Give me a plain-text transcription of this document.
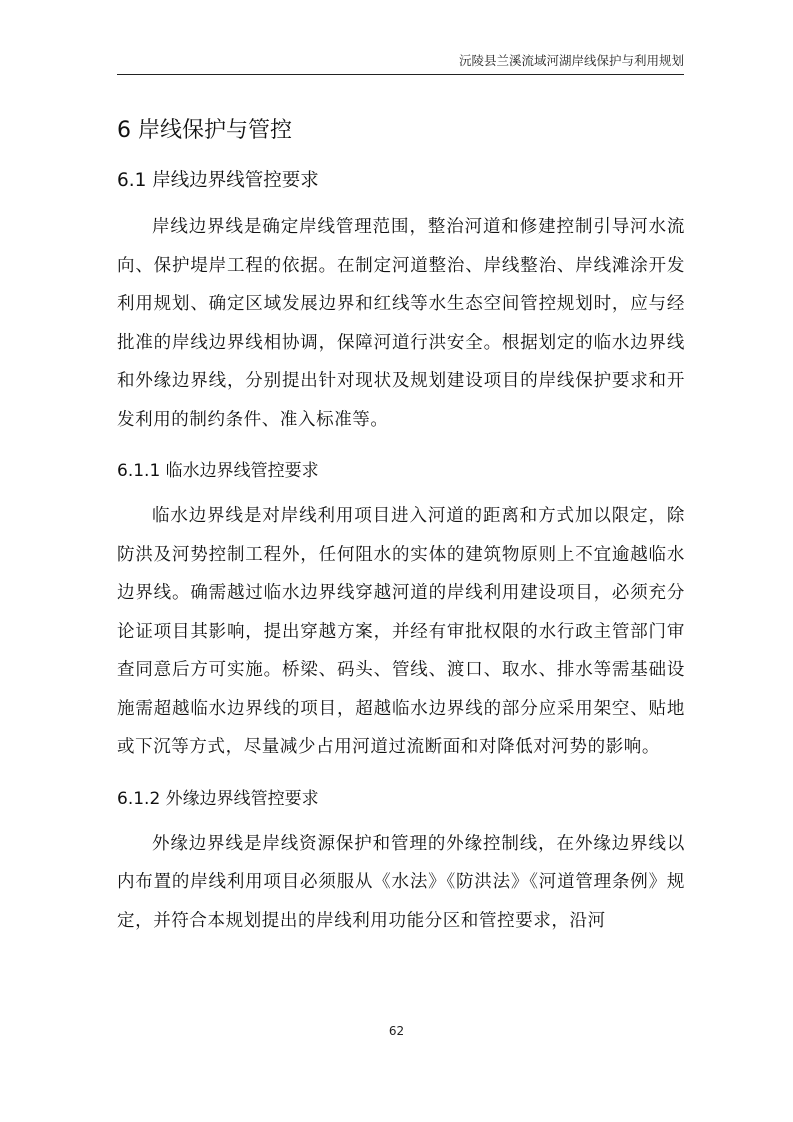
沅陵县兰溪流域河湖岸线保护与利用规划
6 岸线保护与管控
6.1 岸线边界线管控要求

岸线边界线是确定岸线管理范围，整治河道和修建控制引导河水流向、保护堤岸工程的依据。在制定河道整治、岸线整治、岸线滩涂开发利用规划、确定区域发展边界和红线等水生态空间管控规划时，应与经批准的岸线边界线相协调，保障河道行洪安全。根据划定的临水边界线和外缘边界线，分别提出针对现状及规划建设项目的岸线保护要求和开发利用的制约条件、准入标准等。

6.1.1 临水边界线管控要求

临水边界线是对岸线利用项目进入河道的距离和方式加以限定，除防洪及河势控制工程外，任何阻水的实体的建筑物原则上不宜逾越临水边界线。确需越过临水边界线穿越河道的岸线利用建设项目，必须充分论证项目其影响，提出穿越方案，并经有审批权限的水行政主管部门审查同意后方可实施。桥梁、码头、管线、渡口、取水、排水等需基础设施需超越临水边界线的项目，超越临水边界线的部分应采用架空、贴地或下沉等方式，尽量减少占用河道过流断面和对降低对河势的影响。

6.1.2 外缘边界线管控要求

外缘边界线是岸线资源保护和管理的外缘控制线，在外缘边界线以内布置的岸线利用项目必须服从《水法》《防洪法》《河道管理条例》规定，并符合本规划提出的岸线利用功能分区和管控要求，沿河

62
